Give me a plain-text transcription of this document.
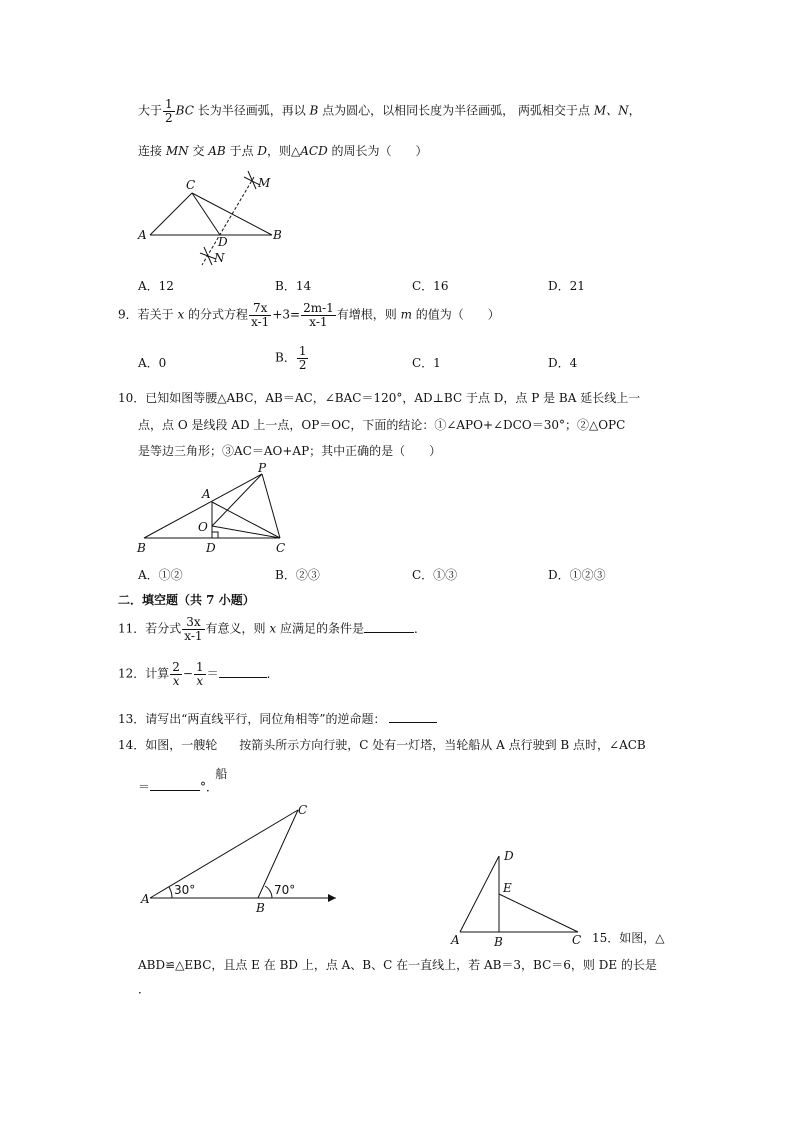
大于 $\frac{1}{2}$ BC 长为半径画弧，再以 B 点为圆心，以相同长度为半径画弧， 两弧相交于点 M、N，
连接 MN 交 AB 于点 D，则△ACD 的周长为（　　）
A	B
C
D
M
N
A．12	B．14	C．16	D．21
9．若关于 x 的分式方程 $\frac{7x}{x-1} +3= \frac{2m-1}{x-1}$ 有增根，则 m 的值为（　　）
A．0	B． $\frac{1}{2}$	C．1	D．4
10．已知如图等腰△ABC，AB＝AC，∠BAC＝120°，AD⊥BC 于点 D，点 P 是 BA 延长线上一
点，点 O 是线段 AD 上一点，OP＝OC，下面的结论：①∠APO+∠DCO＝30°；②△OPC
是等边三角形；③AC＝AO+AP；其中正确的是（　　）
B	C
D
A
O
P
A．①②	B．②③	C．①③	D．①②③
二．填空题（共 7 小题）
11．若分式 $\frac{3x}{x-1}$ 有意义，则 x 应满足的条件是	．
12．计算 $\frac{2}{x} - \frac{1}{x}$ ＝	．
13．请写出“两直线平行，同位角相等”的逆命题：
14．如图，一艘轮
船
按箭头所示方向行驶，C 处有一灯塔，当轮船从 A 点行驶到 B 点时，∠ACB
＝	°．
A
B
C
30°	70°
A	B	C
D
E
15．如图，△
ABD≌△EBC，且点 E 在 BD 上，点 A、B、C 在一直线上，若 AB＝3，BC＝6，则 DE 的长是
．
